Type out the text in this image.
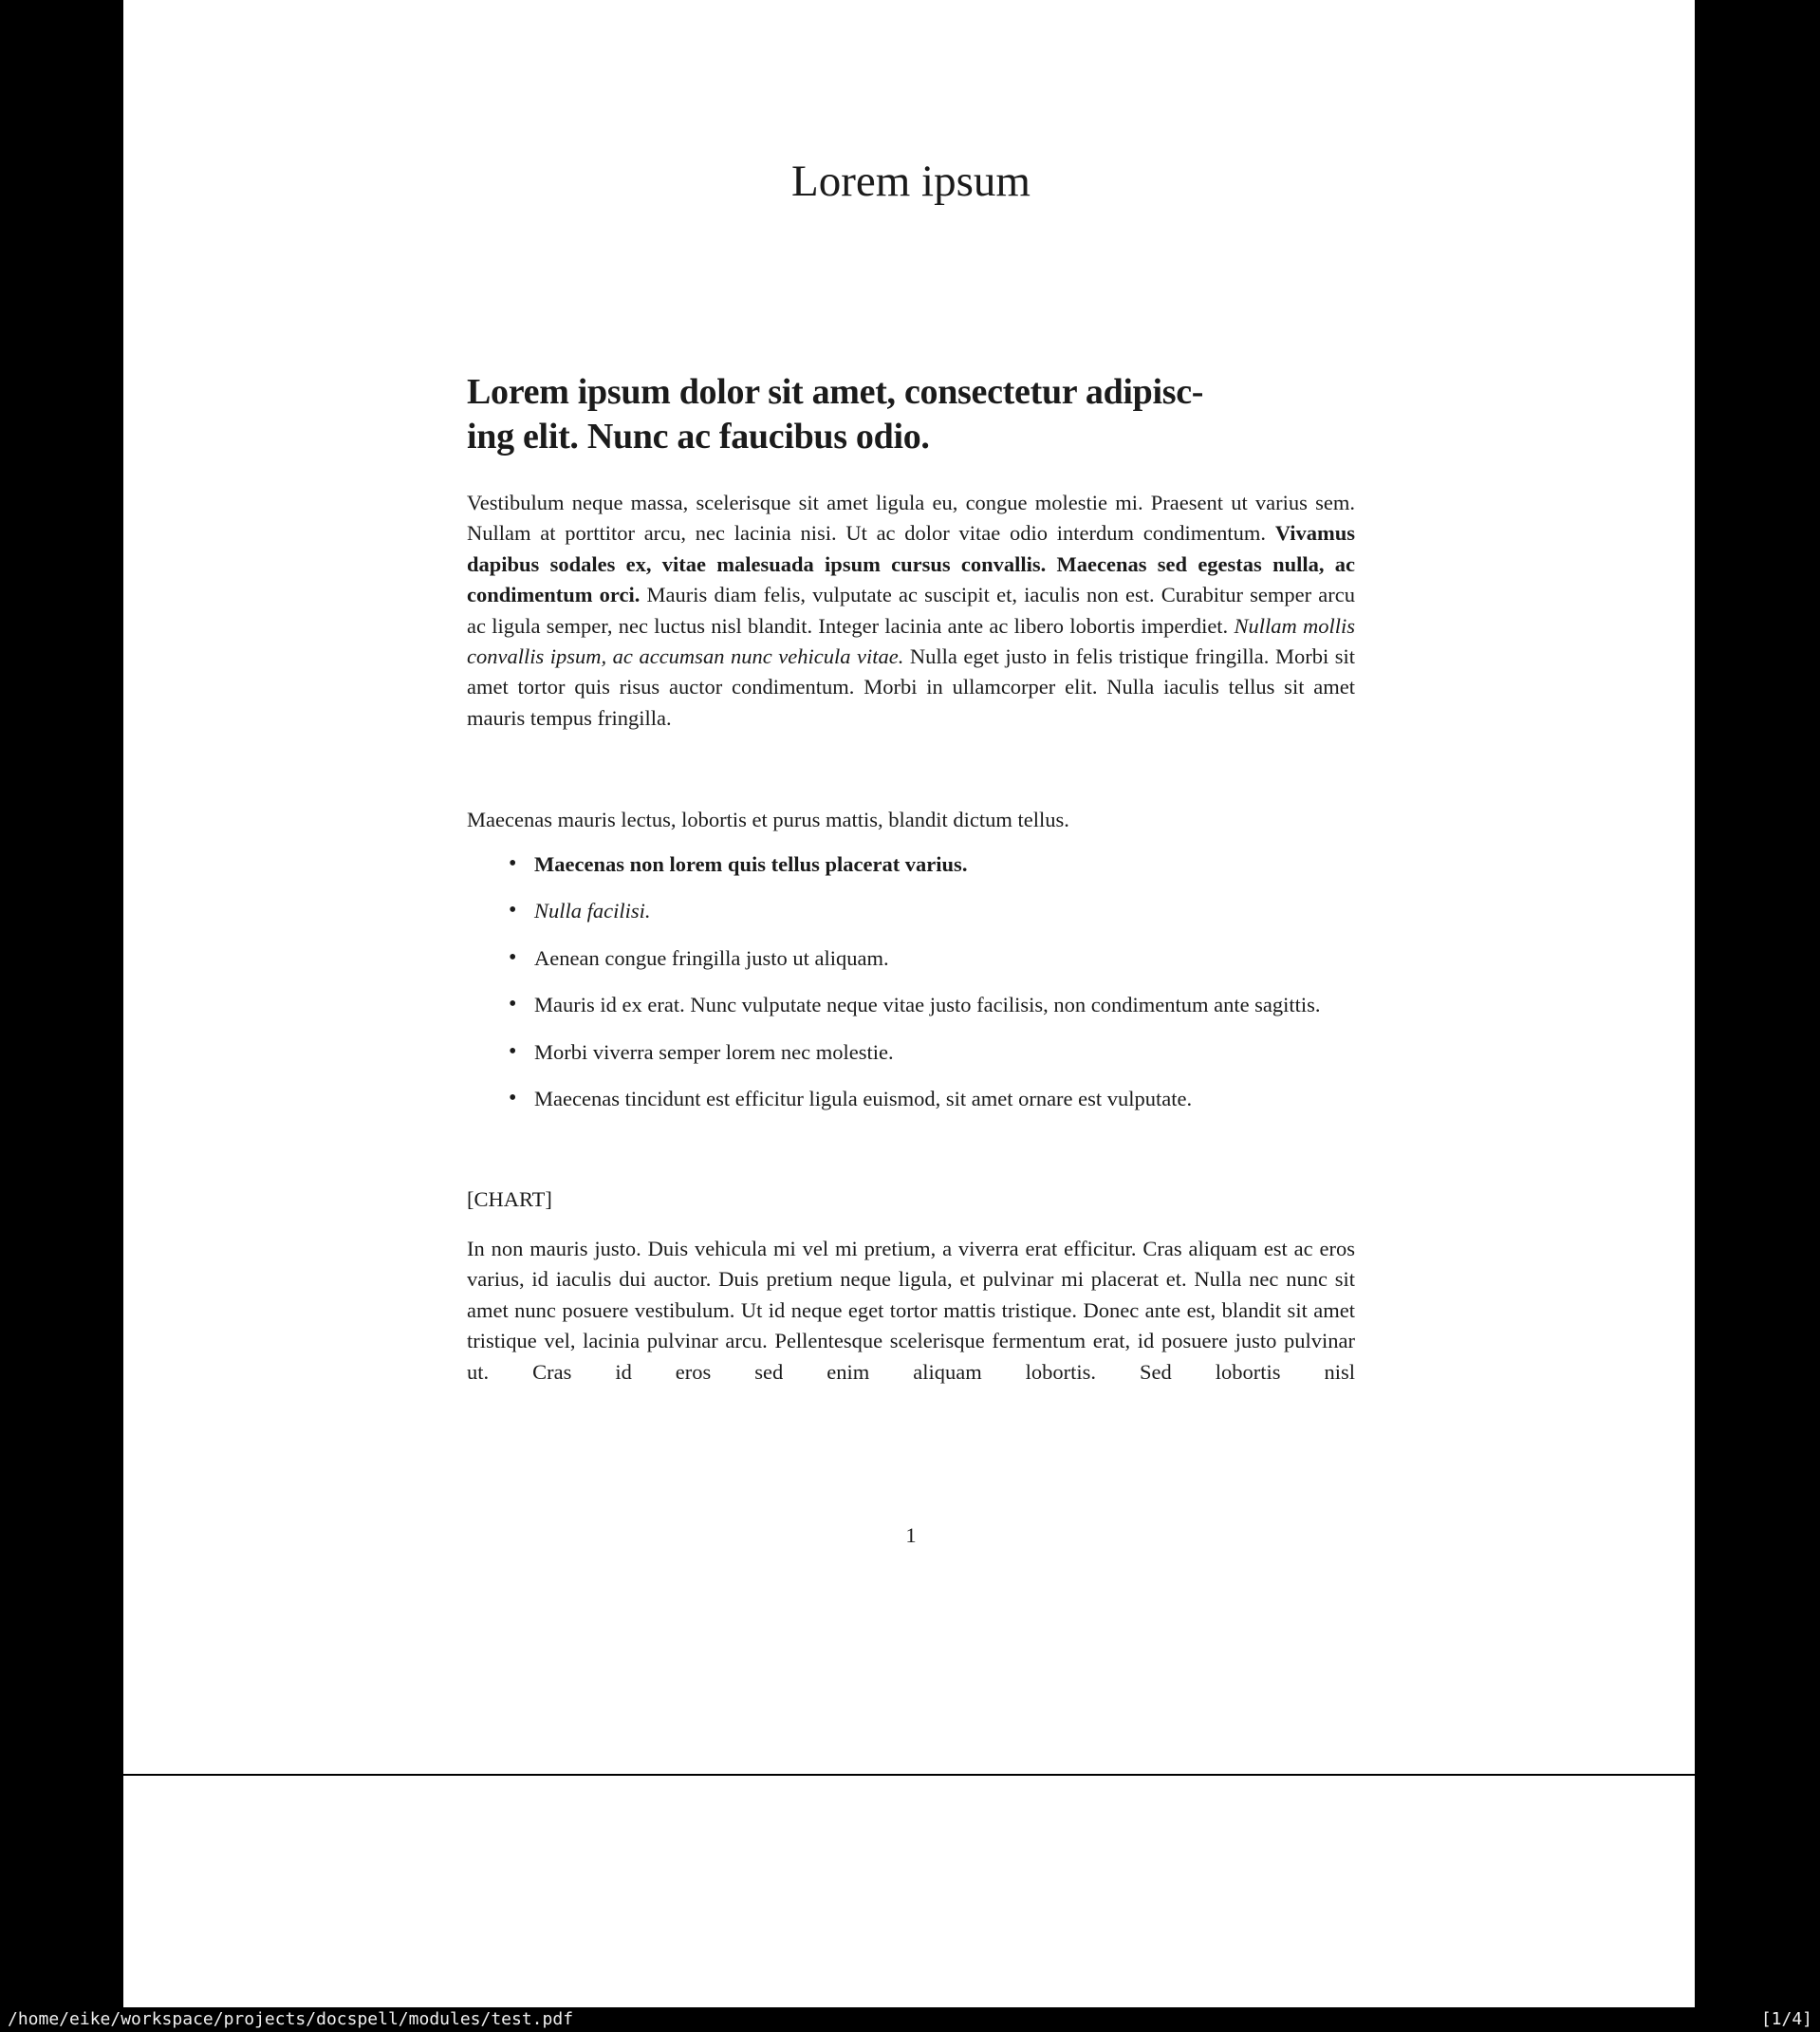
Lorem ipsum
Lorem ipsum dolor sit amet, consectetur adipisc-
ing elit. Nunc ac faucibus odio.
Vestibulum neque massa, scelerisque sit amet ligula eu, congue molestie mi. Praesent ut varius sem. Nullam at porttitor arcu, nec lacinia nisi. Ut ac dolor vitae odio interdum condimentum. Vivamus dapibus sodales ex, vitae malesuada ipsum cursus convallis. Maecenas sed egestas nulla, ac condimentum orci. Mauris diam felis, vulputate ac suscipit et, iaculis non est. Curabitur semper arcu ac ligula semper, nec luctus nisl blandit. Integer lacinia ante ac libero lobortis imperdiet. Nullam mollis convallis ipsum, ac accumsan nunc vehicula vitae. Nulla eget justo in felis tristique fringilla. Morbi sit amet tortor quis risus auctor condimentum. Morbi in ullamcorper elit. Nulla iaculis tellus sit amet mauris tempus fringilla.
Maecenas mauris lectus, lobortis et purus mattis, blandit dictum tellus.
• Maecenas non lorem quis tellus placerat varius.
• Nulla facilisi.
• Aenean congue fringilla justo ut aliquam.
• Mauris id ex erat. Nunc vulputate neque vitae justo facilisis, non condimentum ante sagittis.
• Morbi viverra semper lorem nec molestie.
• Maecenas tincidunt est efficitur ligula euismod, sit amet ornare est vulputate.
[CHART]
In non mauris justo. Duis vehicula mi vel mi pretium, a viverra erat efficitur. Cras aliquam est ac eros varius, id iaculis dui auctor. Duis pretium neque ligula, et pulvinar mi placerat et. Nulla nec nunc sit amet nunc posuere vestibulum. Ut id neque eget tortor mattis tristique. Donec ante est, blandit sit amet tristique vel, lacinia pulvinar arcu. Pellentesque scelerisque fermentum erat, id posuere justo pulvinar ut. Cras id eros sed enim aliquam lobortis. Sed lobortis nisl
1
/home/eike/workspace/projects/docspell/modules/test.pdf	[1/4]
